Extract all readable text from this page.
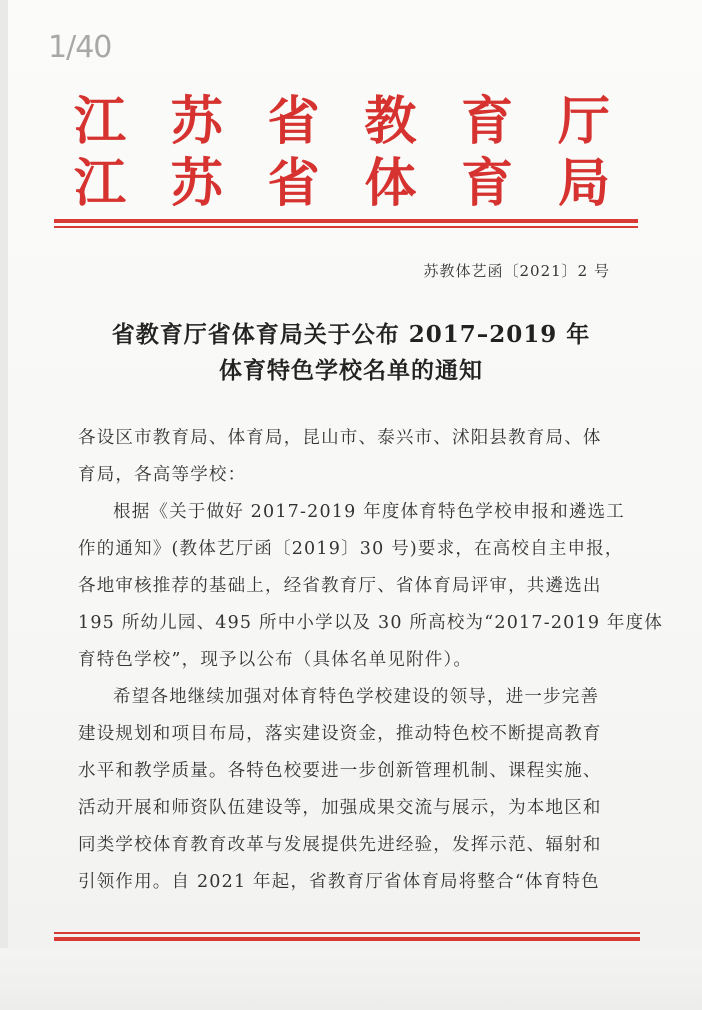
1/40
江 苏 省 教 育 厅
江 苏 省 体 育 局
苏教体艺函〔2021〕2 号
省教育厅省体育局关于公布 2017–2019 年
体育特色学校名单的通知
各设区市教育局、体育局，昆山市、泰兴市、沭阳县教育局、体
育局，各高等学校：
根据《关于做好 2017-2019 年度体育特色学校申报和遴选工
作的通知》(教体艺厅函〔2019〕30 号)要求，在高校自主申报，
各地审核推荐的基础上，经省教育厅、省体育局评审，共遴选出
195 所幼儿园、495 所中小学以及 30 所高校为“2017-2019 年度体
育特色学校”，现予以公布（具体名单见附件）。
希望各地继续加强对体育特色学校建设的领导，进一步完善
建设规划和项目布局，落实建设资金，推动特色校不断提高教育
水平和教学质量。各特色校要进一步创新管理机制、课程实施、
活动开展和师资队伍建设等，加强成果交流与展示，为本地区和
同类学校体育教育改革与发展提供先进经验，发挥示范、辐射和
引领作用。自 2021 年起，省教育厅省体育局将整合“体育特色
